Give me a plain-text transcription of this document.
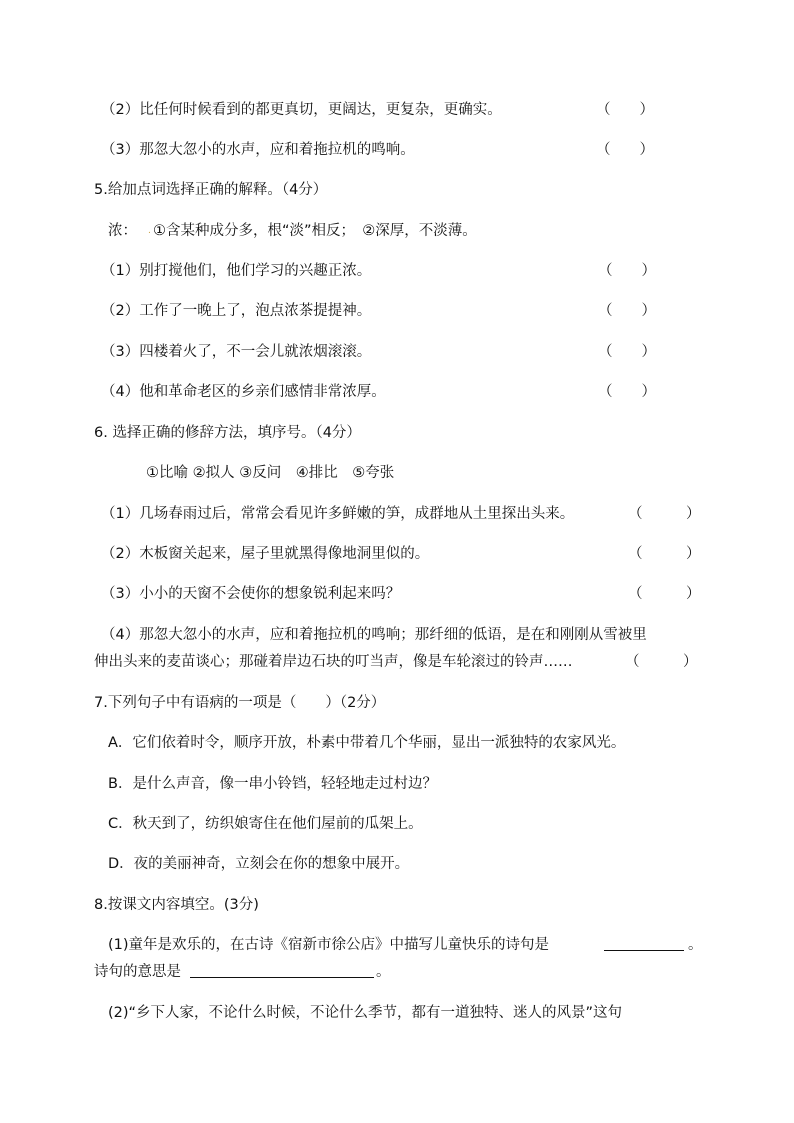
（2）比任何时候看到的都更真切，更阔达，更复杂，更确实。	（　　）
（3）那忽大忽小的水声，应和着拖拉机的鸣响。	（　　）
5.给加点词选择正确的解释。（4分）
浓： . ①含某种成分多，根“淡”相反；　②深厚，不淡薄。
（1）别打搅他们，他们学习的兴趣正浓。	（　　）
（2）工作了一晚上了，泡点浓茶提提神。	（　　）
（3）四楼着火了，不一会儿就浓烟滚滚。	（　　）
（4）他和革命老区的乡亲们感情非常浓厚。	（　　）
6. 选择正确的修辞方法，填序号。（4分）
①比喻 ②拟人 ③反问　④排比　⑤夸张
（1）几场春雨过后，常常会看见许多鲜嫩的笋，成群地从土里探出头来。	（　　　）
（2）木板窗关起来，屋子里就黑得像地洞里似的。	（　　　）
（3）小小的天窗不会使你的想象锐利起来吗？	（　　　）
（4）那忽大忽小的水声，应和着拖拉机的鸣响；那纤细的低语，是在和刚刚从雪被里
伸出头来的麦苗谈心；那碰着岸边石块的叮当声，像是车轮滚过的铃声……	（　　　）
7.下列句子中有语病的一项是（　　）（2分）
A．它们依着时令，顺序开放，朴素中带着几个华丽，显出一派独特的农家风光。
B．是什么声音，像一串小铃铛，轻轻地走过村边？
C．秋天到了，纺织娘寄住在他们屋前的瓜架上。
D．夜的美丽神奇，立刻会在你的想象中展开。
8.按课文内容填空。(3分)
(1)童年是欢乐的，在古诗《宿新市徐公店》中描写儿童快乐的诗句是	。
诗句的意思是	。
(2)“乡下人家，不论什么时候，不论什么季节，都有一道独特、迷人的风景”这句
